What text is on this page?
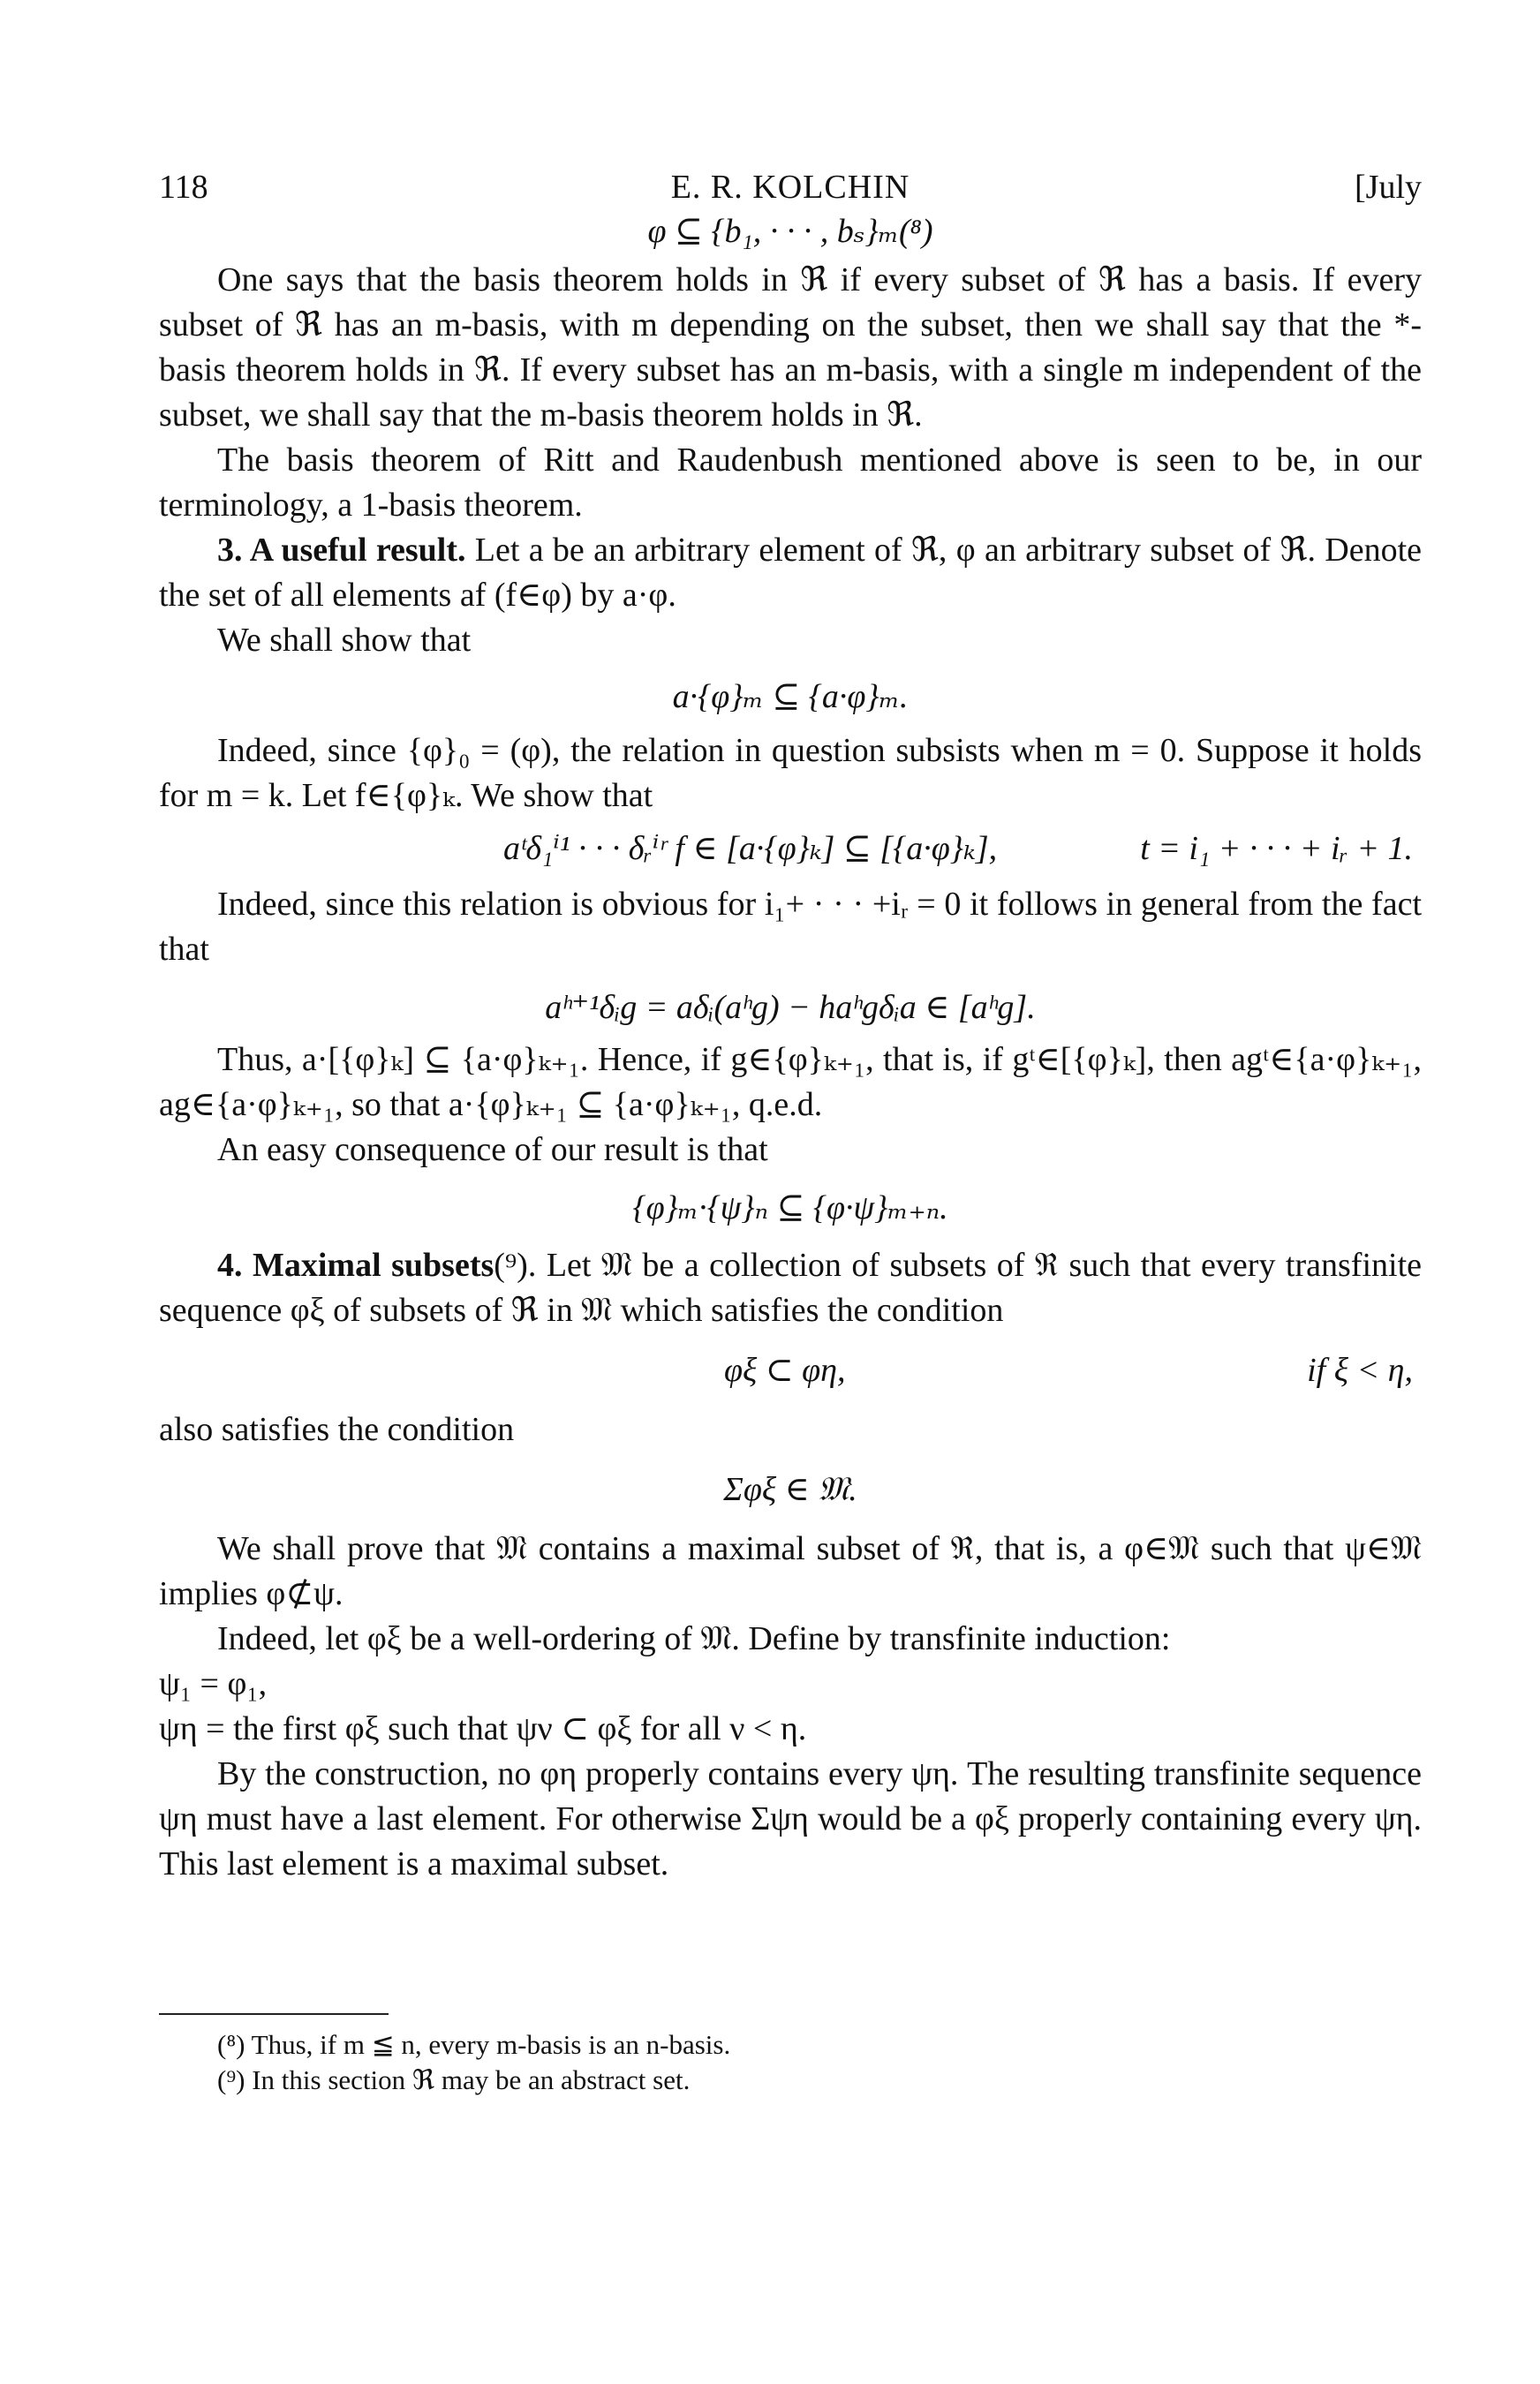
118	E. R. KOLCHIN	[July
φ ⊆ {b₁, · · · , bₛ}ₘ(⁸)

One says that the basis theorem holds in ℜ if every subset of ℜ has a basis. If every subset of ℜ has an m-basis, with m depending on the subset, then we shall say that the *-basis theorem holds in ℜ. If every subset has an m-basis, with a single m independent of the subset, we shall say that the m-basis theorem holds in ℜ.

The basis theorem of Ritt and Raudenbush mentioned above is seen to be, in our terminology, a 1-basis theorem.

3. A useful result. Let a be an arbitrary element of ℜ, φ an arbitrary subset of ℜ. Denote the set of all elements af (f∈φ) by a·φ.

We shall show that

a·{φ}ₘ ⊆ {a·φ}ₘ.

Indeed, since {φ}₀ = (φ), the relation in question subsists when m = 0. Suppose it holds for m = k. Let f∈{φ}ₖ. We show that

aᵗδ₁ⁱ¹ · · · δᵣⁱʳ f ∈ [a·{φ}ₖ] ⊆ [{a·φ}ₖ],	t = i₁ + · · · + iᵣ + 1.

Indeed, since this relation is obvious for i₁+ · · · +iᵣ = 0 it follows in general from the fact that

aʰ⁺¹δᵢg = aδᵢ(aʰg) − haʰgδᵢa ∈ [aʰg].

Thus, a·[{φ}ₖ] ⊆ {a·φ}ₖ₊₁. Hence, if g∈{φ}ₖ₊₁, that is, if gᵗ∈[{φ}ₖ], then agᵗ∈{a·φ}ₖ₊₁, ag∈{a·φ}ₖ₊₁, so that a·{φ}ₖ₊₁ ⊆ {a·φ}ₖ₊₁, q.e.d.

An easy consequence of our result is that

{φ}ₘ·{ψ}ₙ ⊆ {φ·ψ}ₘ₊ₙ.

4. Maximal subsets(⁹). Let 𝔐 be a collection of subsets of ℜ such that every transfinite sequence φξ of subsets of ℜ in 𝔐 which satisfies the condition

φξ ⊂ φη,	if ξ < η,

also satisfies the condition

Σφξ ∈ 𝔐.

We shall prove that 𝔐 contains a maximal subset of ℜ, that is, a φ∈𝔐 such that ψ∈𝔐 implies φ⊄ψ.

Indeed, let φξ be a well-ordering of 𝔐. Define by transfinite induction:

ψ₁ = φ₁,

ψη = the first φξ such that ψν ⊂ φξ for all ν < η.

By the construction, no φη properly contains every ψη. The resulting transfinite sequence ψη must have a last element. For otherwise Σψη would be a φξ properly containing every ψη. This last element is a maximal subset.

(⁸) Thus, if m ≦ n, every m-basis is an n-basis.

(⁹) In this section ℜ may be an abstract set.
